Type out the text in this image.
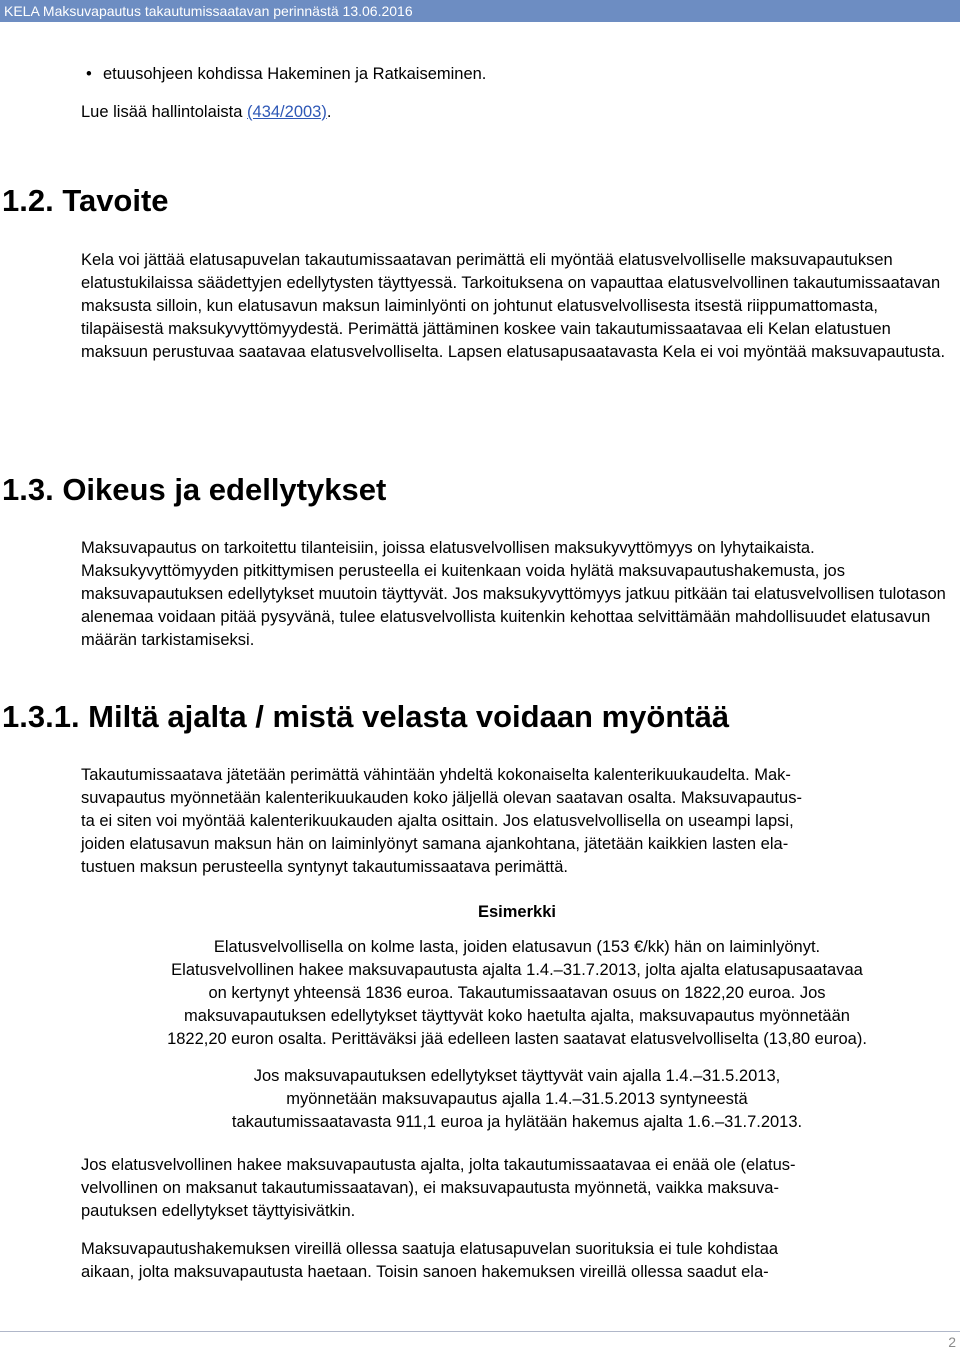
KELA Maksuvapautus takautumissaatavan perinnästä 13.06.2016
• etuusohjeen kohdissa Hakeminen ja Ratkaiseminen.

Lue lisää hallintolaista (434/2003).

1.2. Tavoite

Kela voi jättää elatusapuvelan takautumissaatavan perimättä eli myöntää elatusvelvolliselle maksuvapautuksen elatustukilaissa säädettyjen edellytysten täyttyessä. Tarkoituksena on vapauttaa elatusvelvollinen takautumissaatavan maksusta silloin, kun elatusavun maksun laiminlyönti on johtunut elatusvelvollisesta itsestä riippumattomasta, tilapäisestä maksukyvyttömyydestä. Perimättä jättäminen koskee vain takautumissaatavaa eli Kelan elatustuen maksuun perustuvaa saatavaa elatusvelvolliselta. Lapsen elatusapusaatavasta Kela ei voi myöntää maksuvapautusta.

1.3. Oikeus ja edellytykset

Maksuvapautus on tarkoitettu tilanteisiin, joissa elatusvelvollisen maksukyvyttömyys on lyhytaikaista. Maksukyvyttömyyden pitkittymisen perusteella ei kuitenkaan voida hylätä maksuvapautushakemusta, jos maksuvapautuksen edellytykset muutoin täyttyvät. Jos maksukyvyttömyys jatkuu pitkään tai elatusvelvollisen tulotason alenemaa voidaan pitää pysyvänä, tulee elatusvelvollista kuitenkin kehottaa selvittämään mahdollisuudet elatusavun määrän tarkistamiseksi.

1.3.1. Miltä ajalta / mistä velasta voidaan myöntää
Takautumissaatava jätetään perimättä vähintään yhdeltä kokonaiselta kalenterikuukaudelta. Mak-
suvapautus myönnetään kalenterikuukauden koko jäljellä olevan saatavan osalta. Maksuvapautus-
ta ei siten voi myöntää kalenterikuukauden ajalta osittain. Jos elatusvelvollisella on useampi lapsi,
joiden elatusavun maksun hän on laiminlyönyt samana ajankohtana, jätetään kaikkien lasten ela-
tustuen maksun perusteella syntynyt takautumissaatava perimättä.
Esimerkki
Elatusvelvollisella on kolme lasta, joiden elatusavun (153 €/kk) hän on laiminlyönyt.
Elatusvelvollinen hakee maksuvapautusta ajalta 1.4.–31.7.2013, jolta ajalta elatusapusaatavaa
on kertynyt yhteensä 1836 euroa. Takautumissaatavan osuus on 1822,20 euroa. Jos
maksuvapautuksen edellytykset täyttyvät koko haetulta ajalta, maksuvapautus myönnetään
1822,20 euron osalta. Perittäväksi jää edelleen lasten saatavat elatusvelvolliselta (13,80 euroa).
Jos maksuvapautuksen edellytykset täyttyvät vain ajalla 1.4.–31.5.2013,
myönnetään maksuvapautus ajalla 1.4.–31.5.2013 syntyneestä
takautumissaatavasta 911,1 euroa ja hylätään hakemus ajalta 1.6.–31.7.2013.
Jos elatusvelvollinen hakee maksuvapautusta ajalta, jolta takautumissaatavaa ei enää ole (elatus-
velvollinen on maksanut takautumissaatavan), ei maksuvapautusta myönnetä, vaikka maksuva-
pautuksen edellytykset täyttyisivätkin.
Maksuvapautushakemuksen vireillä ollessa saatuja elatusapuvelan suorituksia ei tule kohdistaa
aikaan, jolta maksuvapautusta haetaan. Toisin sanoen hakemuksen vireillä ollessa saadut ela-
2
